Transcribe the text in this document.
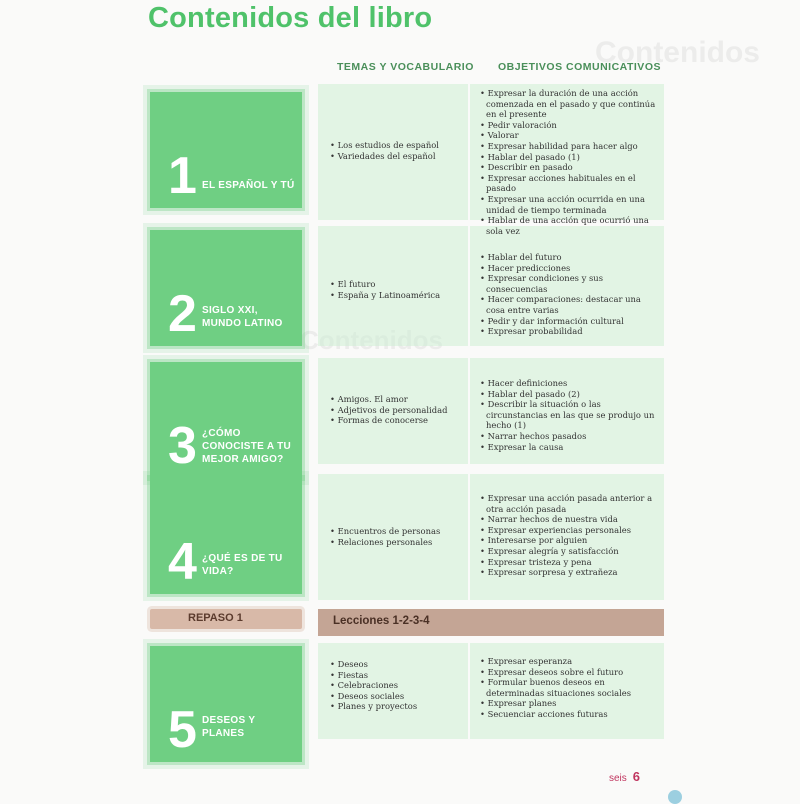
Contenidos
Contenidos del libro
TEMAS Y VOCABULARIO OBJETIVOS COMUNICATIVOS
1 EL ESPAÑOL Y TÚ
• Los estudios de español
• Variedades del español
• Expresar la duración de una acción comenzada en el pasado y que continúa en el presente
• Pedir valoración
• Valorar
• Expresar habilidad para hacer algo
• Hablar del pasado (1)
• Describir en pasado
• Expresar acciones habituales en el pasado
• Expresar una acción ocurrida en una unidad de tiempo terminada
• Hablar de una acción que ocurrió una sola vez
2 SIGLO XXI, MUNDO LATINO
• El futuro
• España y Latinoamérica
• Hablar del futuro
• Hacer predicciones
• Expresar condiciones y sus consecuencias
• Hacer comparaciones: destacar una cosa entre varias
• Pedir y dar información cultural
• Expresar probabilidad
3 ¿CÓMO CONOCISTE A TU MEJOR AMIGO?
• Amigos. El amor
• Adjetivos de personalidad
• Formas de conocerse
• Hacer definiciones
• Hablar del pasado (2)
• Describir la situación o las circunstancias en las que se produjo un hecho (1)
• Narrar hechos pasados
• Expresar la causa
4 ¿QUÉ ES DE TU VIDA?
• Encuentros de personas
• Relaciones personales
• Expresar una acción pasada anterior a otra acción pasada
• Narrar hechos de nuestra vida
• Expresar experiencias personales
• Interesarse por alguien
• Expresar alegría y satisfacción
• Expresar tristeza y pena
• Expresar sorpresa y extrañeza
REPASO 1	Lecciones 1-2-3-4
5 DESEOS Y PLANES
• Deseos
• Fiestas
• Celebraciones
• Deseos sociales
• Planes y proyectos
• Expresar esperanza
• Expresar deseos sobre el futuro
• Formular buenos deseos en determinadas situaciones sociales
• Expresar planes
• Secuenciar acciones futuras
seis 6
